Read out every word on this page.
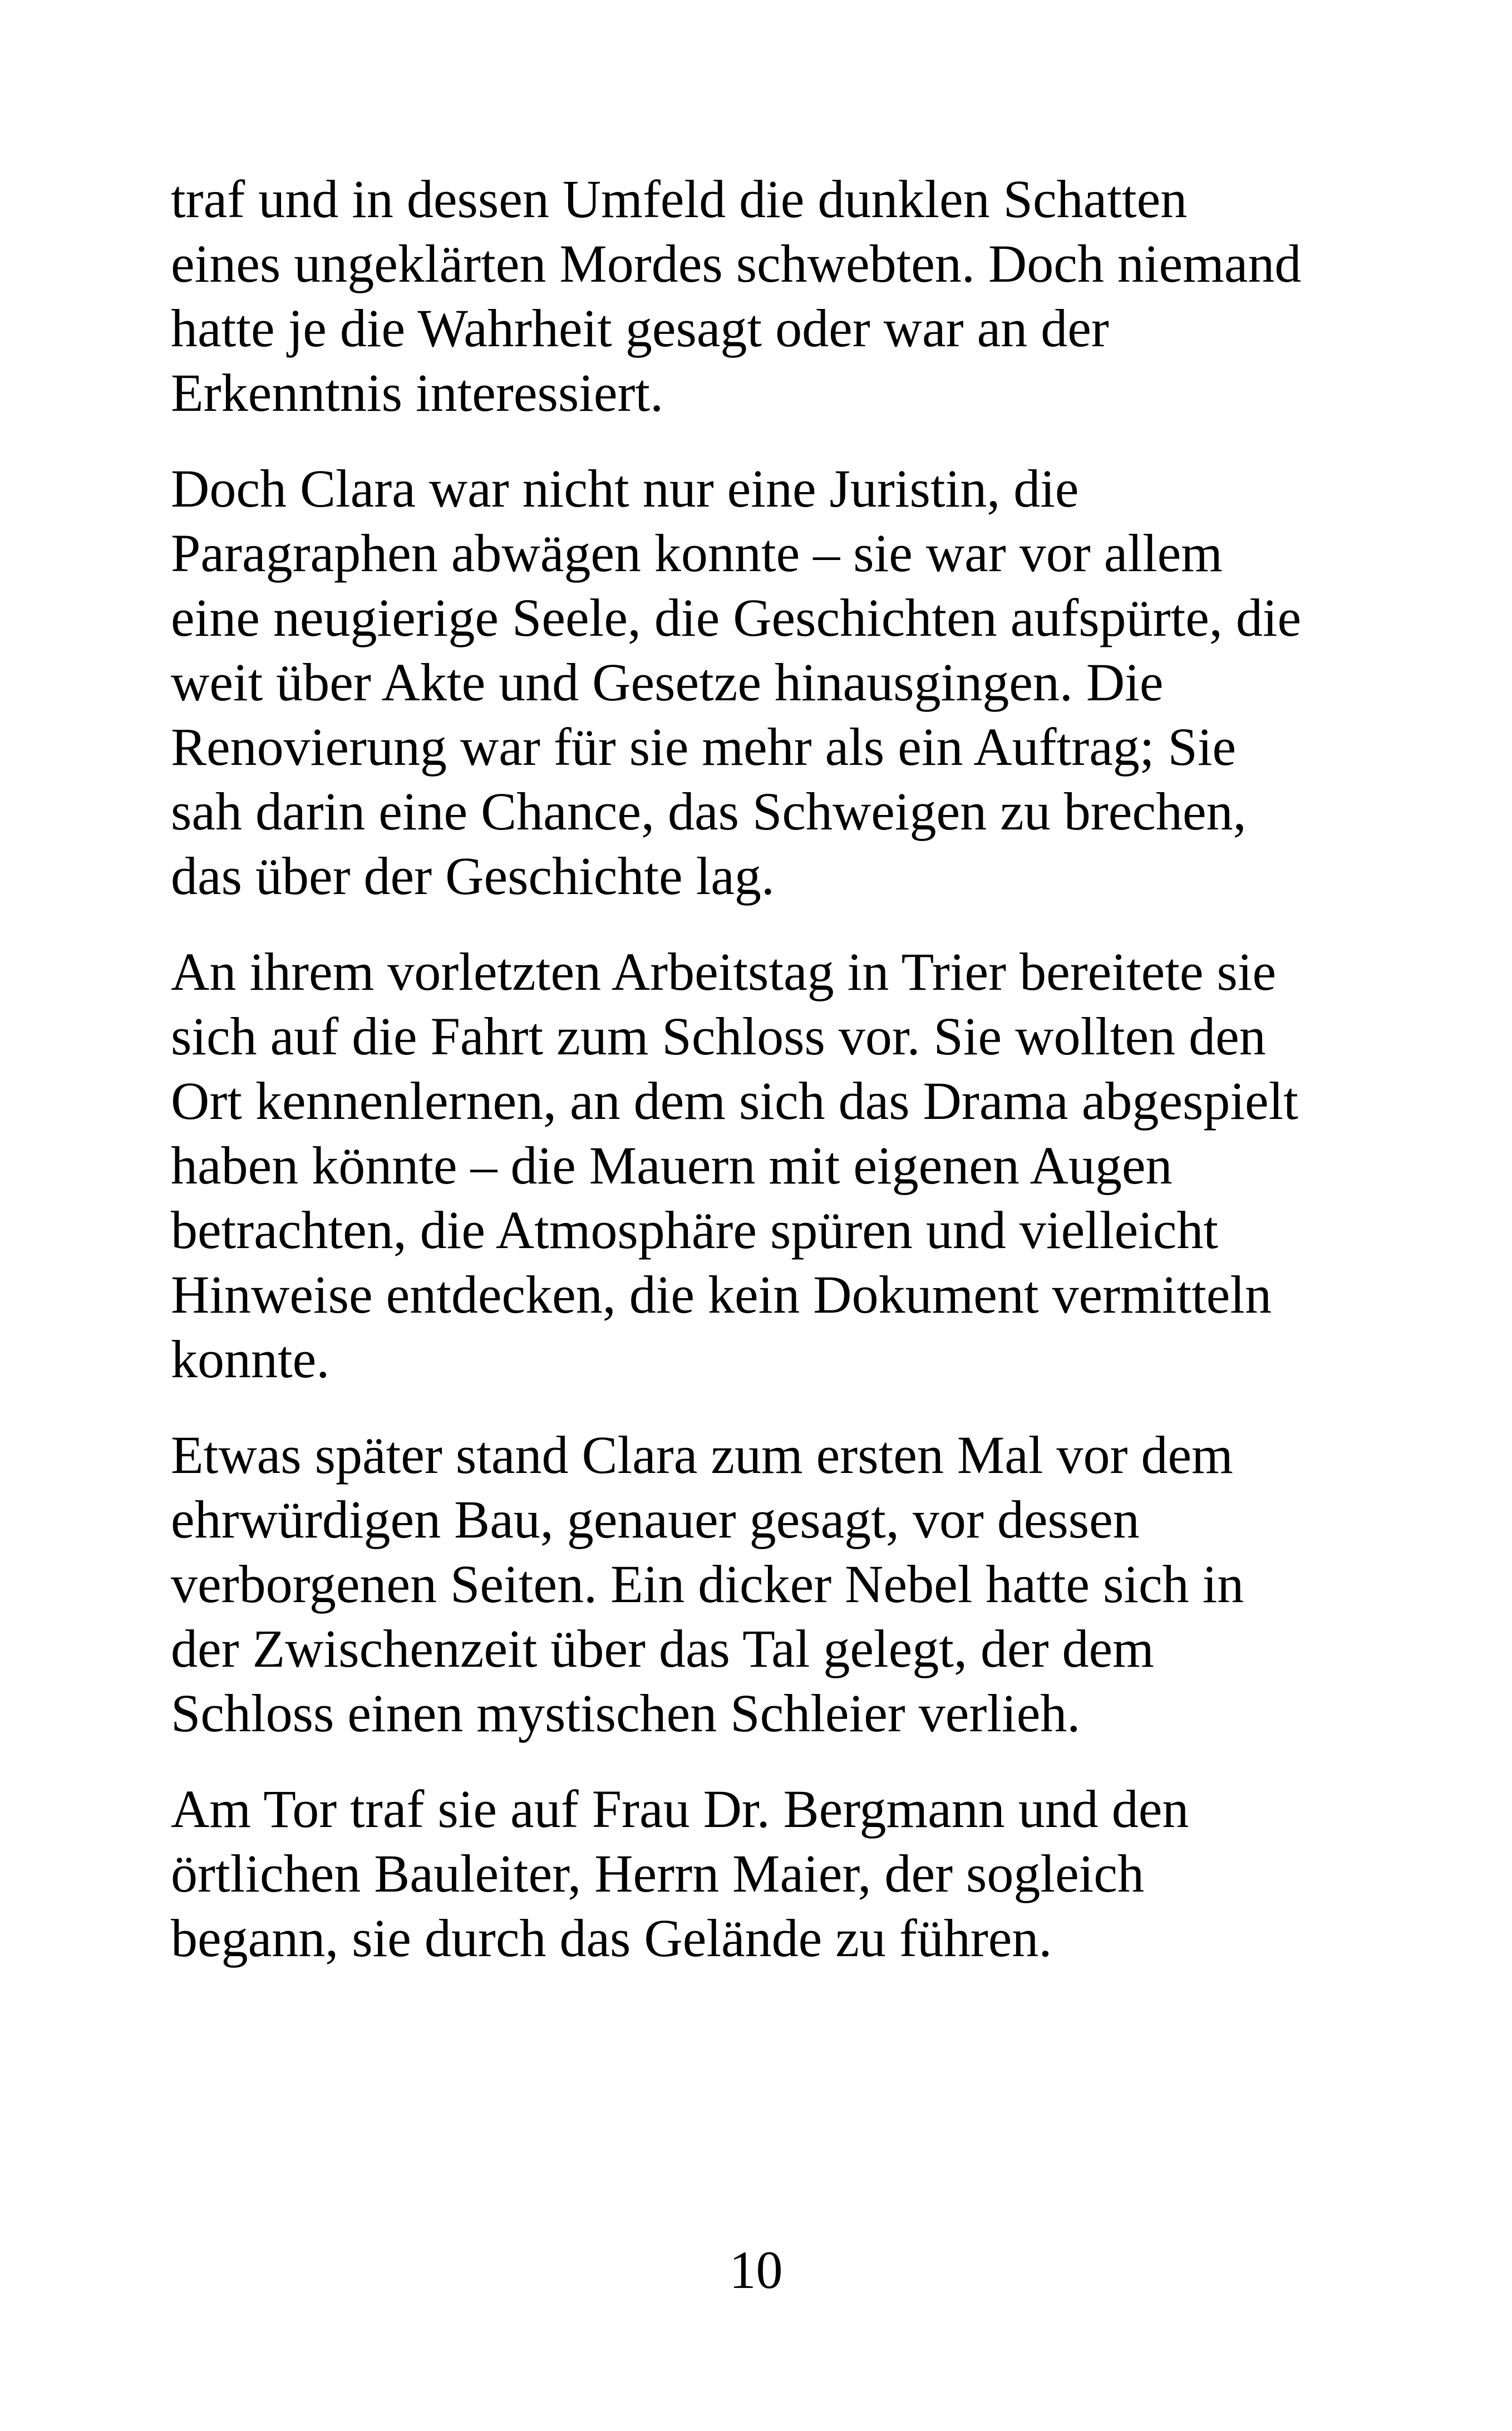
traf und in dessen Umfeld die dunklen Schatten
eines ungeklärten Mordes schwebten. Doch niemand
hatte je die Wahrheit gesagt oder war an der
Erkenntnis interessiert.
Doch Clara war nicht nur eine Juristin, die
Paragraphen abwägen konnte – sie war vor allem
eine neugierige Seele, die Geschichten aufspürte, die
weit über Akte und Gesetze hinausgingen. Die
Renovierung war für sie mehr als ein Auftrag; Sie
sah darin eine Chance, das Schweigen zu brechen,
das über der Geschichte lag.
An ihrem vorletzten Arbeitstag in Trier bereitete sie
sich auf die Fahrt zum Schloss vor. Sie wollten den
Ort kennenlernen, an dem sich das Drama abgespielt
haben könnte – die Mauern mit eigenen Augen
betrachten, die Atmosphäre spüren und vielleicht
Hinweise entdecken, die kein Dokument vermitteln
konnte.
Etwas später stand Clara zum ersten Mal vor dem
ehrwürdigen Bau, genauer gesagt, vor dessen
verborgenen Seiten. Ein dicker Nebel hatte sich in
der Zwischenzeit über das Tal gelegt, der dem
Schloss einen mystischen Schleier verlieh.
Am Tor traf sie auf Frau Dr. Bergmann und den
örtlichen Bauleiter, Herrn Maier, der sogleich
begann, sie durch das Gelände zu führen.
10
